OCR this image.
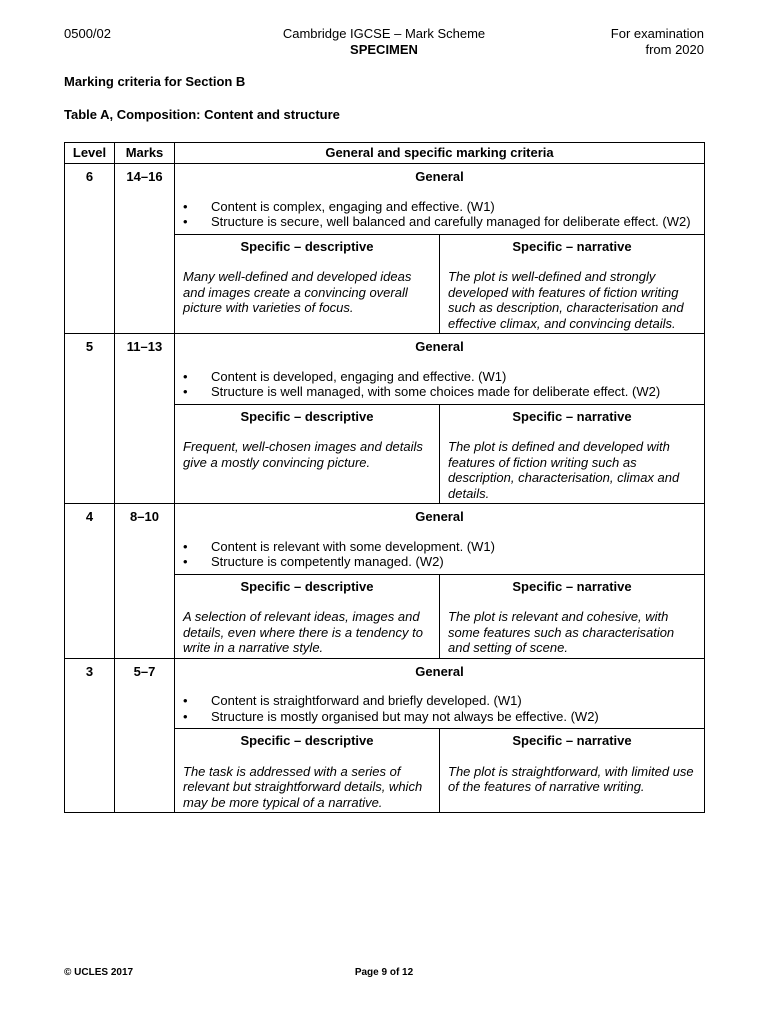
0500/02	Cambridge IGCSE – Mark Scheme
SPECIMEN
For examination
from 2020
Marking criteria for Section B
Table A, Composition: Content and structure
Level	Marks	General and specific marking criteria
6	14–16	General
• Content is complex, engaging and effective. (W1)
• Structure is secure, well balanced and carefully managed for deliberate effect. (W2)
Specific – descriptive
Many well-defined and developed ideas and images create a convincing overall picture with varieties of focus.

Specific – narrative
The plot is well-defined and strongly developed with features of fiction writing such as description, characterisation and effective climax, and convincing details.

5	11–13	General
• Content is developed, engaging and effective. (W1)
• Structure is well managed, with some choices made for deliberate effect. (W2)
Specific – descriptive
Frequent, well-chosen images and details give a mostly convincing picture.

Specific – narrative
The plot is defined and developed with features of fiction writing such as description, characterisation, climax and details.

4	8–10	General
• Content is relevant with some development. (W1)
• Structure is competently managed. (W2)
Specific – descriptive
A selection of relevant ideas, images and details, even where there is a tendency to write in a narrative style.

Specific – narrative
The plot is relevant and cohesive, with some features such as characterisation and setting of scene.

3	5–7	General
• Content is straightforward and briefly developed. (W1)
• Structure is mostly organised but may not always be effective. (W2)
Specific – descriptive
The task is addressed with a series of relevant but straightforward details, which may be more typical of a narrative.

Specific – narrative
The plot is straightforward, with limited use of the features of narrative writing.
© UCLES 2017	Page 9 of 12
